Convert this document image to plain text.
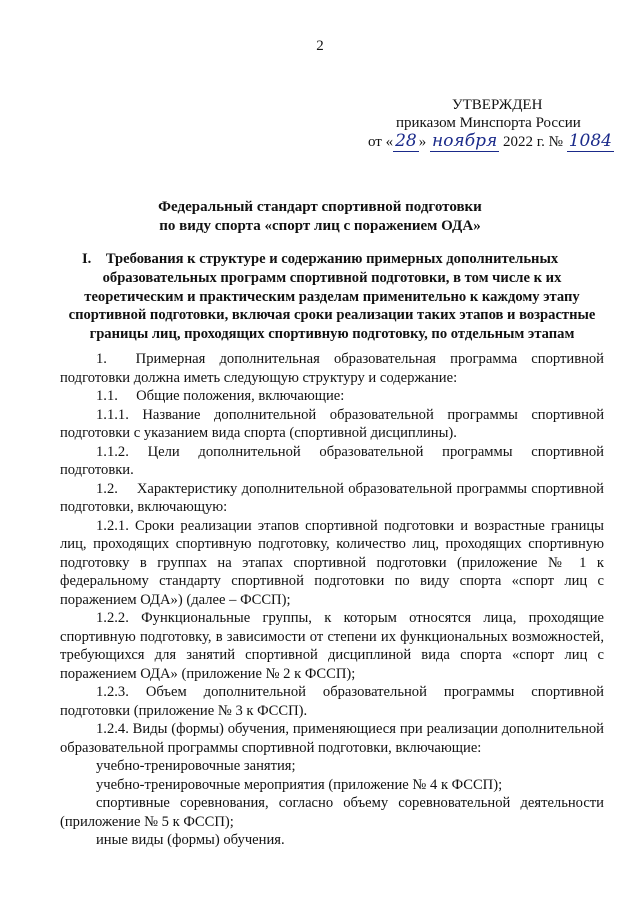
2
УТВЕРЖДЕН
приказом Минспорта России
от « 28 » ноября 2022 г. № 1084
Федеральный стандарт спортивной подготовки
по виду спорта «спорт лиц с поражением ОДА»
I. Требования к структуре и содержанию примерных дополнительных образовательных программ спортивной подготовки, в том числе к их теоретическим и практическим разделам применительно к каждому этапу спортивной подготовки, включая сроки реализации таких этапов и возрастные границы лиц, проходящих спортивную подготовку, по отдельным этапам

1.  Примерная дополнительная образовательная программа спортивной подготовки должна иметь следующую структуру и содержание:

1.1.  Общие положения, включающие:

1.1.1. Название дополнительной образовательной программы спортивной подготовки с указанием вида спорта (спортивной дисциплины).

1.1.2. Цели дополнительной образовательной программы спортивной подготовки.

1.2.  Характеристику дополнительной образовательной программы спортивной подготовки, включающую:

1.2.1. Сроки реализации этапов спортивной подготовки и возрастные границы лиц, проходящих спортивную подготовку, количество лиц, проходящих спортивную подготовку в группах на этапах спортивной подготовки (приложение № 1 к федеральному стандарту спортивной подготовки по виду спорта «спорт лиц с поражением ОДА») (далее – ФССП);

1.2.2. Функциональные группы, к которым относятся лица, проходящие спортивную подготовку, в зависимости от степени их функциональных возможностей, требующихся для занятий спортивной дисциплиной вида спорта «спорт лиц с поражением ОДА» (приложение № 2 к ФССП);

1.2.3. Объем дополнительной образовательной программы спортивной подготовки (приложение № 3 к ФССП).

1.2.4. Виды (формы) обучения, применяющиеся при реализации дополнительной образовательной программы спортивной подготовки, включающие:

учебно-тренировочные занятия;

учебно-тренировочные мероприятия (приложение № 4 к ФССП);

спортивные соревнования, согласно объему соревновательной деятельности (приложение № 5 к ФССП);

иные виды (формы) обучения.
